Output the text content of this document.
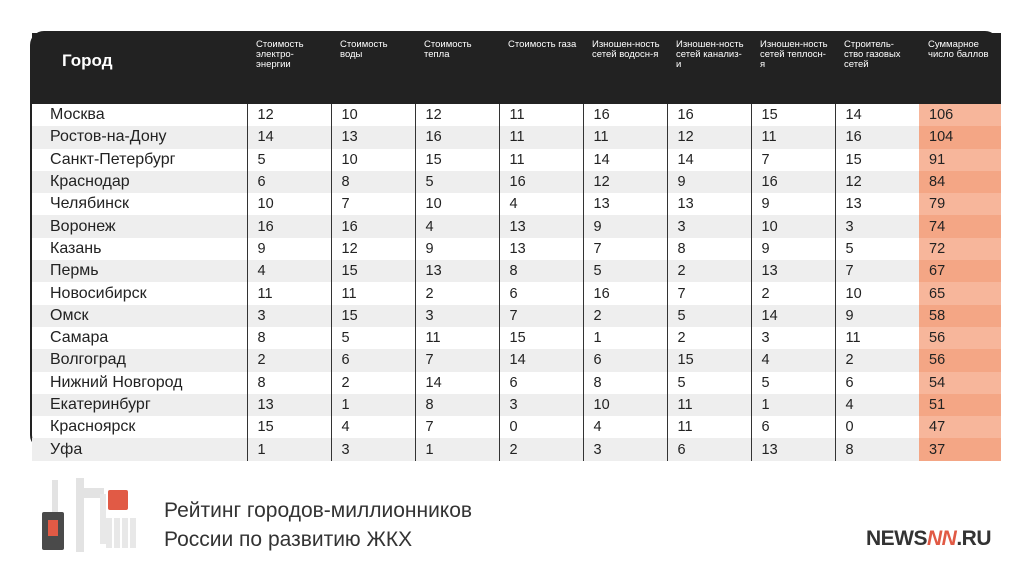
Город	Стоимость электро-энергии	Стоимость воды	Стоимость тепла	Стоимость газа	Изношен-ность сетей водосн-я	Изношен-ность сетей канализ-и	Изношен-ность сетей теплосн-я	Строитель-ство газовых сетей	Суммарное число баллов
Москва	12	10	12	11	16	16	15	14	106
Ростов-на-Дону	14	13	16	11	11	12	11	16	104
Санкт-Петербург	5	10	15	11	14	14	7	15	91
Краснодар	6	8	5	16	12	9	16	12	84
Челябинск	10	7	10	4	13	13	9	13	79
Воронеж	16	16	4	13	9	3	10	3	74
Казань	9	12	9	13	7	8	9	5	72
Пермь	4	15	13	8	5	2	13	7	67
Новосибирск	11	11	2	6	16	7	2	10	65
Омск	3	15	3	7	2	5	14	9	58
Самара	8	5	11	15	1	2	3	11	56
Волгоград	2	6	7	14	6	15	4	2	56
Нижний Новгород	8	2	14	6	8	5	5	6	54
Екатеринбург	13	1	8	3	10	11	1	4	51
Красноярск	15	4	7	0	4	11	6	0	47
Уфа	1	3	1	2	3	6	13	8	37
Рейтинг городов-миллионников
России по развитию ЖКХ	NEWSNN.RU
